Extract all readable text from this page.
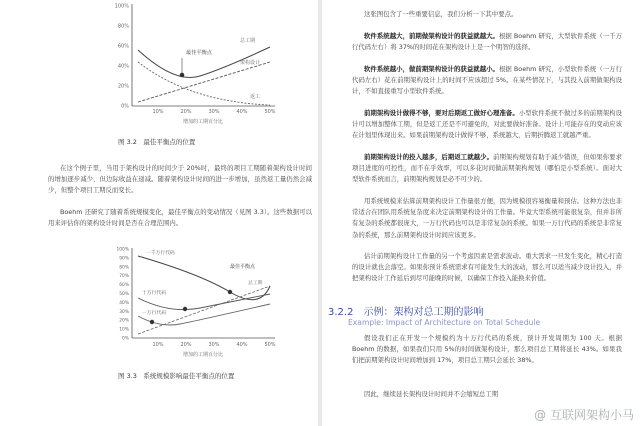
100%
80%
60%
40%
20%
0%
10%	20%	30%	40%	50%
最佳平衡点
总工期
架构设计
返工
增加的工期百分比
图 3.2　最佳平衡点的位置

在这个例子里，当用于架构设计的时间少于 20%时，最终的项目工期随着架构设计时间的增加逐步减少，但边际收益在递减。随着架构设计时间的进一步增加，虽然返工量仍然会减少，但整个项目工期反而变长。

Boehm 还研究了随着系统规模变化，最佳平衡点的变动情况（见图 3.3）。这些数据可以用来评估你的架构设计时间是否在合理范围内。

100%
90%
80%
70%
60%
50%
40%
30%
20%
10%
0%
10%	20%	30%	40%	50%
一千万行代码
最佳平衡点
总工期
十万行代码
一万行代码
增加的工期百分比
图 3.3　系统规模影响最佳平衡点的位置

这张图包含了一些重要信息，我们分析一下其中要点。

软件系统越大，前期做架构设计的获益就越大。根据 Boehm 研究，大型软件系统（一千万行代码左右）将 37%的时间花在架构设计上是一个明智的选择。

软件系统越小，做前期架构设计的获益就越小。根据 Boehm 研究，小型软件系统（一万行代码左右）花在前期架构设计上的时间不应该超过 5%。在某些情况下，与其投入前期做架构设计，不如直接重写小型软件系统。

前期架构设计做得不够，要对后期返工做好心理准备。小型软件系统不做过多的前期架构设计可以增加整体工期，但是返工还是不可避免的，对此要做好准备。设计上可能存在的变动应该在计划里体现出来。如果前期架构设计做得不够，系统越大，后期折腾返工就越严重。

前期架构设计的投入越多，后期返工就越少。前期架构规划有助于减少错误，但如果你要求项目进度的可控性，而不在乎效率，可以多花时间做前期架构规划（哪怕是小型系统）。面对大型软件系统而言，前期架构规划是必不可少的。

用系统规模来估算前期架构设计工作量很方便，因为规模很容易衡量和预估。这种方法也非常适合在团队用系统复杂度来决定前期架构设计的工作量。毕竟大型系统可能很复杂，但并非所有复杂的系统都很庞大，一万行代码也可以是非常复杂的系统。如果一万行代码的系统是非常复杂的系统，那么前期架构设计时间应该更多。

估计前期架构设计工作量的另一个考虑因素是需求波动。重大需求一旦发生变化，精心打造的设计就也会落空。如果你预计系统需求有可能发生大的波动，那么可以适当减少设计投入，并把架构设计工作延后到尽可能晚的时候，以确保工作投入能换来价值。

3.2.2　示例：架构对总工期的影响
Example: Impact of Architecture on Total Schedule

假设我们正在开发一个规模约为十万行代码的系统，预计开发周期为 100 天。根据 Boehm 的数据，如果我们只用 5%的时间做架构设计，那么项目总工期将延长 43%。如果我们把前期架构设计时间增加到 17%，项目总工期只会延长 38%。

因此，继续延长架构设计时间并不会缩短总工期

@ 互联网架构小马
